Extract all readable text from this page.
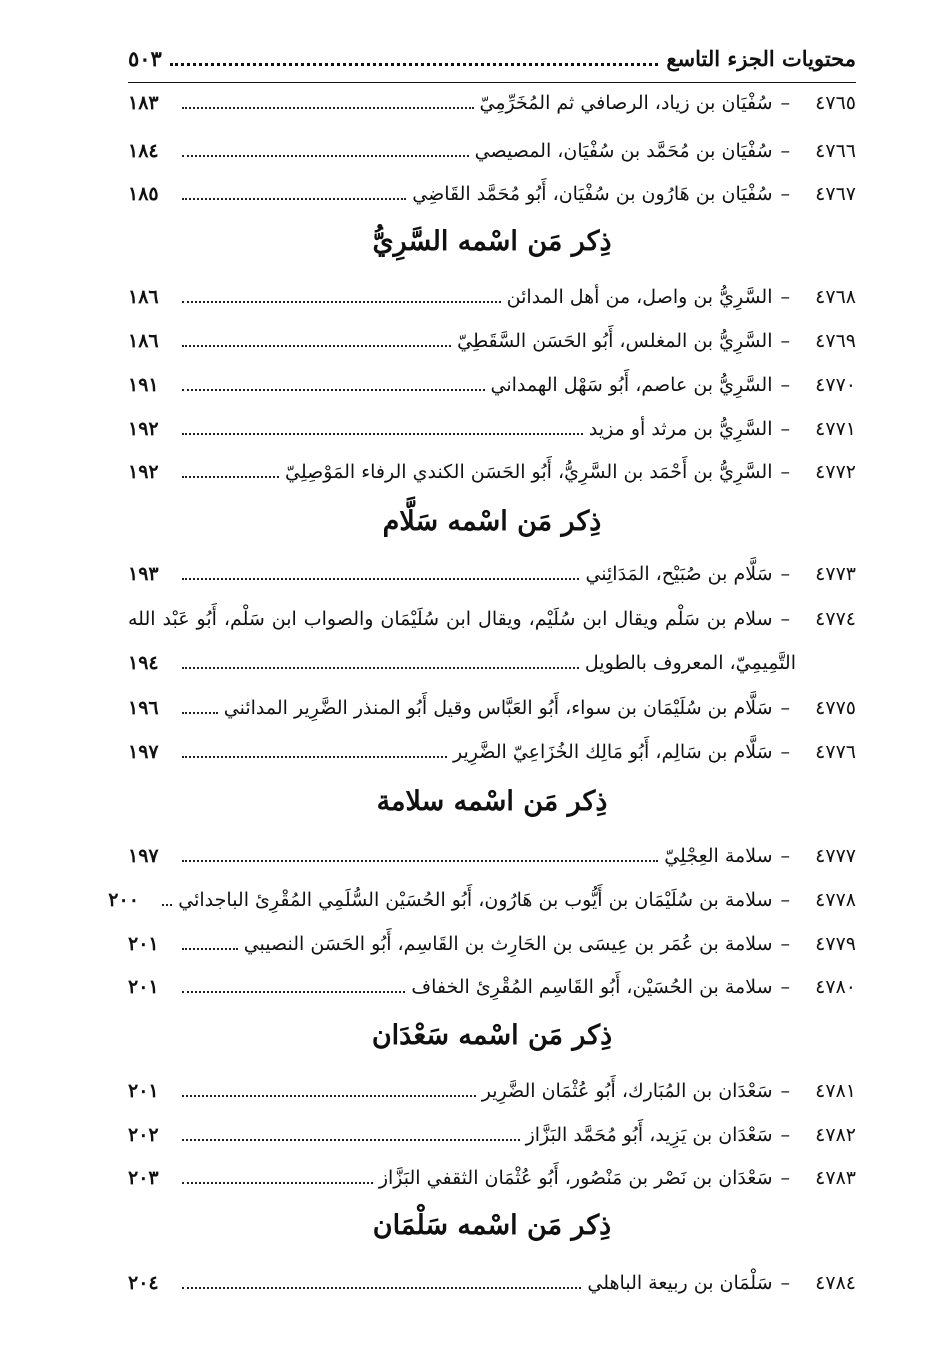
محتويات الجزء التاسع
٥٠٣
٤٧٦٥
–
سُفْيَان بن زياد، الرصافي ثم المُخَرِّمِيّ
١٨٣
٤٧٦٦
–
سُفْيَان بن مُحَمَّد بن سُفْيَان، المصيصي
١٨٤
٤٧٦٧
–
سُفْيَان بن هَارُون بن سُفْيَان، أَبُو مُحَمَّد القَاضِي
١٨٥
ذِكر مَن اسْمه السَّرِيُّ
٤٧٦٨
–
السَّرِيُّ بن واصل، من أهل المدائن
١٨٦
٤٧٦٩
–
السَّرِيُّ بن المغلس، أَبُو الحَسَن السَّقَطِيّ
١٨٦
٤٧٧٠
–
السَّرِيُّ بن عاصم، أَبُو سَهْل الهمداني
١٩١
٤٧٧١
–
السَّرِيُّ بن مرثد أو مزيد
١٩٢
٤٧٧٢
–
السَّرِيُّ بن أَحْمَد بن السَّرِيُّ، أَبُو الحَسَن الكندي الرفاء المَوْصِلِيّ
١٩٢
ذِكر مَن اسْمه سَلَّام
٤٧٧٣
–
سَلَّام بن صُبَيْح، المَدَائِني
١٩٣
٤٧٧٤
–
سلام بن سَلْم ويقال ابن سُلَيْم، ويقال ابن سُلَيْمَان والصواب ابن سَلْم، أَبُو عَبْد الله
التَّمِيمِيّ، المعروف بالطويل
١٩٤
٤٧٧٥
–
سَلَّام بن سُلَيْمَان بن سواء، أَبُو العَبَّاس وقيل أَبُو المنذر الضَّرِير المدائني
١٩٦
٤٧٧٦
–
سَلَّام بن سَالِم، أَبُو مَالِك الخُزَاعِيّ الضَّرِير
١٩٧
ذِكر مَن اسْمه سلامة
٤٧٧٧
–
سلامة العِجْلِيّ
١٩٧
٤٧٧٨
–
سلامة بن سُلَيْمَان بن أَيُّوب بن هَارُون، أَبُو الحُسَيْن السُّلَمِي المُقْرِئ الباجدائي
٢٠٠
٤٧٧٩
–
سلامة بن عُمَر بن عِيسَى بن الحَارِث بن القَاسِم، أَبُو الحَسَن النصيبي
٢٠١
٤٧٨٠
–
سلامة بن الحُسَيْن، أَبُو القَاسِم المُقْرِئ الخفاف
٢٠١
ذِكر مَن اسْمه سَعْدَان
٤٧٨١
–
سَعْدَان بن المُبَارك، أَبُو عُثْمَان الضَّرِير
٢٠١
٤٧٨٢
–
سَعْدَان بن يَزِيد، أَبُو مُحَمَّد البَزَّاز
٢٠٢
٤٧٨٣
–
سَعْدَان بن نَصْر بن مَنْصُور، أَبُو عُثْمَان الثقفي البَزَّاز
٢٠٣
ذِكر مَن اسْمه سَلْمَان
٤٧٨٤
–
سَلْمَان بن ربيعة الباهلي
٢٠٤
